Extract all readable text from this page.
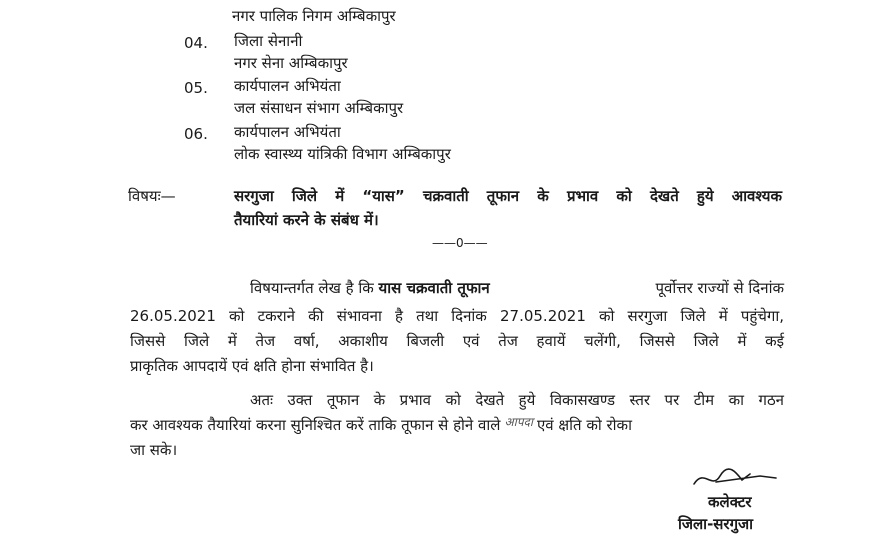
नगर पालिक निगम अम्बिकापुर
04. जिला सेनानी
नगर सेना अम्बिकापुर
05. कार्यपालन अभियंता
जल संसाधन संभाग अम्बिकापुर
06. कार्यपालन अभियंता
लोक स्वास्थ्य यांत्रिकी विभाग अम्बिकापुर
विषयः—	सरगुजा जिले में “यास” चक्रवाती तूफान के प्रभाव को देखते हुये आवश्यक
तैयारियां करने के संबंध में।
——0——
विषयान्तर्गत लेख है कि यास चक्रवाती तूफान	पूर्वोत्तर राज्यों से दिनांक
26.05.2021 को टकराने की संभावना है तथा दिनांक 27.05.2021 को सरगुजा जिले में पहुंचेगा,
जिससे जिले में तेज वर्षा, अकाशीय बिजली एवं तेज हवायें चलेंगी, जिससे जिले में कई
प्राकृतिक आपदायें एवं क्षति होना संभावित है।
अतः उक्त तूफान के प्रभाव को देखते हुये विकासखण्ड स्तर पर टीम का गठन
कर आवश्यक तैयारियां करना सुनिश्चित करें ताकि तूफान से होने वाले आपदा एवं क्षति को रोका
जा सके।
कलेक्टर
जिला-सरगुजा
